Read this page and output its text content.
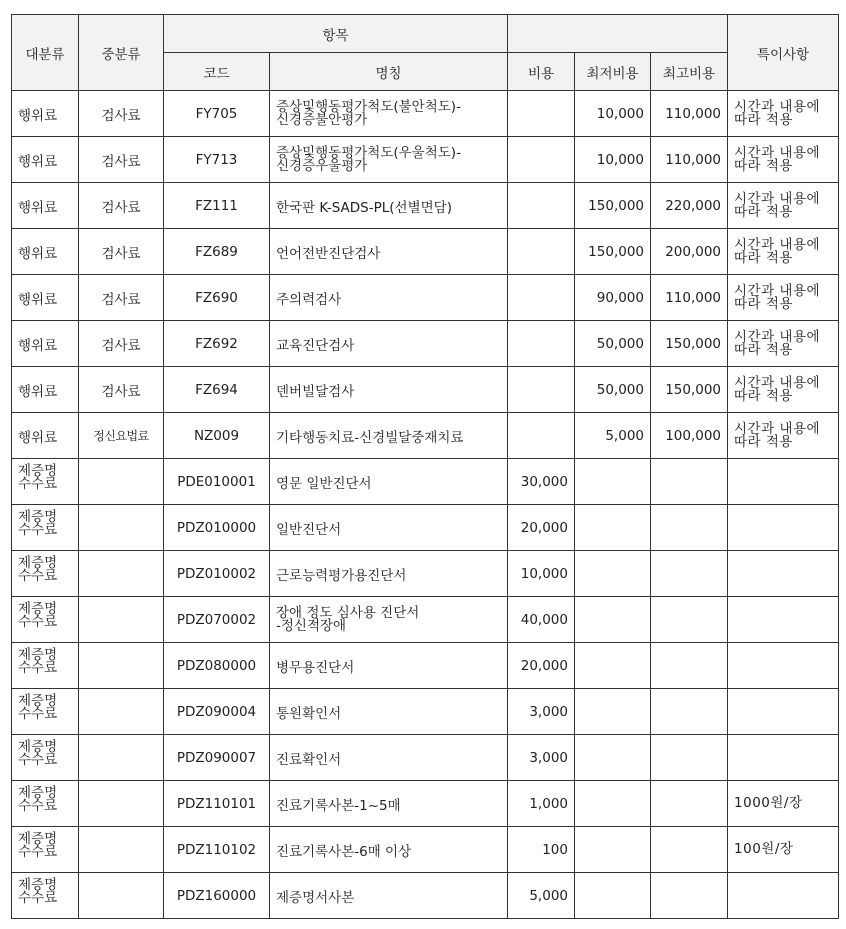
대분류	중분류	항목					특이사항
		코드	명칭	비용	최저비용	최고비용	
행위료	검사료	FY705	증상및행동평가척도(불안척도)-
신경증불안평가		10,000	110,000	시간과 내용에 따라 적용
행위료	검사료	FY713	증상및행동평가척도(우울척도)-
신경증우울평가		10,000	110,000	시간과 내용에 따라 적용
행위료	검사료	FZ111	한국판 K-SADS-PL(선별면담)		150,000	220,000	시간과 내용에 따라 적용
행위료	검사료	FZ689	언어전반진단검사		150,000	200,000	시간과 내용에 따라 적용
행위료	검사료	FZ690	주의력검사		90,000	110,000	시간과 내용에 따라 적용
행위료	검사료	FZ692	교육진단검사		50,000	150,000	시간과 내용에 따라 적용
행위료	검사료	FZ694	덴버빌달검사		50,000	150,000	시간과 내용에 따라 적용
행위료	정신요법료	NZ009	기타행동치료-신경빌달중재치료		5,000	100,000	시간과 내용에 따라 적용
제증명
수수료		PDE010001	영문 일반진단서	30,000			
제증명
수수료		PDZ010000	일반진단서	20,000			
제증명
수수료		PDZ010002	근로능력평가용진단서	10,000			
제증명
수수료		PDZ070002	장애 정도 심사용 진단서
-정신적장애	40,000			
제증명
수수료		PDZ080000	병무용진단서	20,000			
제증명
수수료		PDZ090004	통원확인서	3,000			
제증명
수수료		PDZ090007	진료확인서	3,000			
제증명
수수료		PDZ110101	진료기록사본-1~5매	1,000			1000원/장
제증명
수수료		PDZ110102	진료기록사본-6매 이상	100			100원/장
제증명
수수료		PDZ160000	제증명서사본	5,000			
